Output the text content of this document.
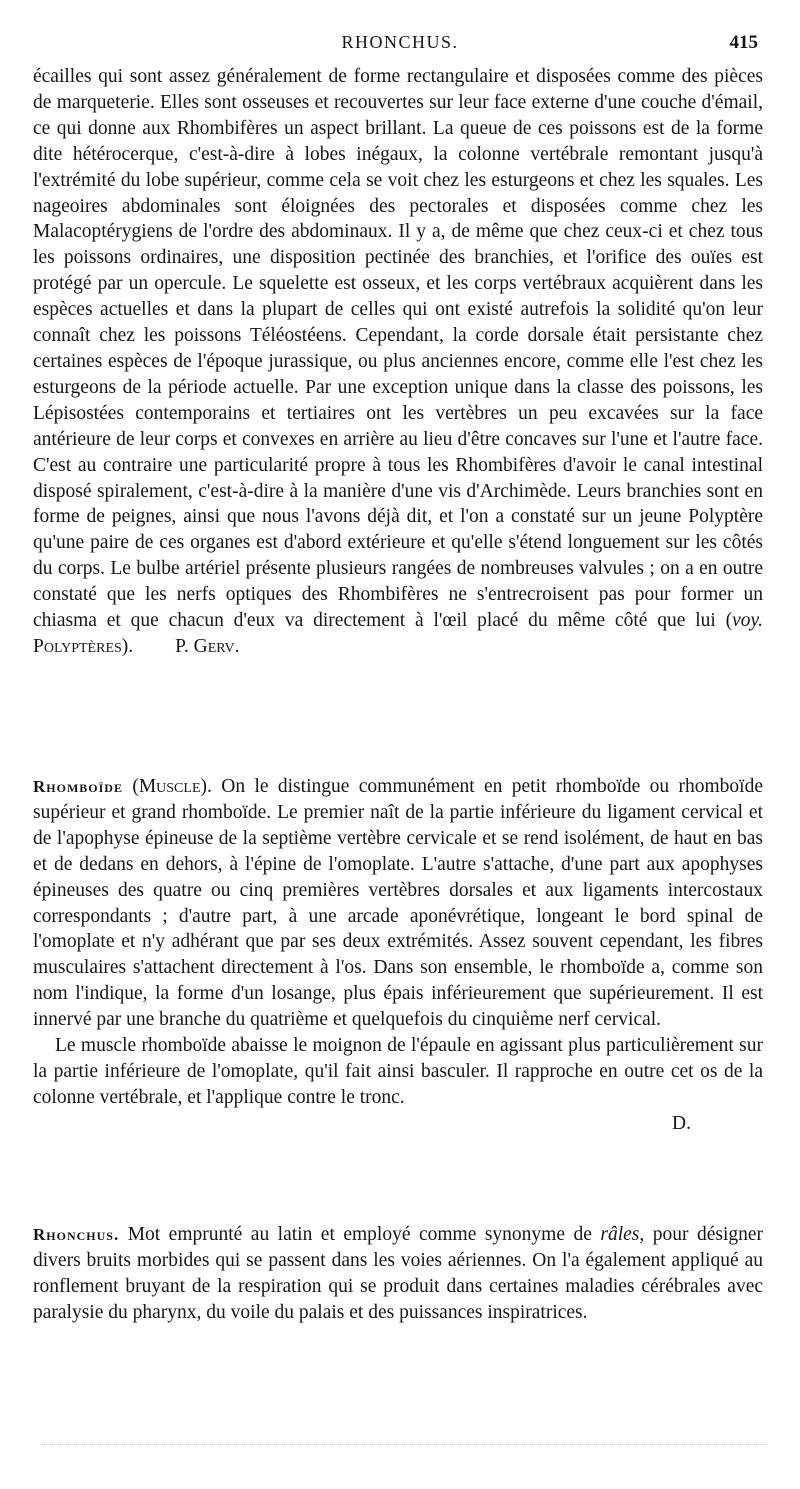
RHONCHUS.	415

écailles qui sont assez généralement de forme rectangulaire et disposées comme des pièces de marqueterie. Elles sont osseuses et recouvertes sur leur face externe d'une couche d'émail, ce qui donne aux Rhombifères un aspect brillant. La queue de ces poissons est de la forme dite hétérocerque, c'est-à-dire à lobes inégaux, la colonne vertébrale remontant jusqu'à l'extrémité du lobe supérieur, comme cela se voit chez les esturgeons et chez les squales. Les nageoires abdominales sont éloignées des pectorales et disposées comme chez les Malacoptérygiens de l'ordre des abdominaux. Il y a, de même que chez ceux-ci et chez tous les poissons ordinaires, une disposition pectinée des branchies, et l'orifice des ouïes est protégé par un opercule. Le squelette est osseux, et les corps vertébraux acquièrent dans les espèces actuelles et dans la plupart de celles qui ont existé autrefois la solidité qu'on leur connaît chez les poissons Téléostéens. Cependant, la corde dorsale était persistante chez certaines espèces de l'époque jurassique, ou plus anciennes encore, comme elle l'est chez les esturgeons de la période actuelle. Par une exception unique dans la classe des poissons, les Lépisostées contemporains et tertiaires ont les vertèbres un peu excavées sur la face antérieure de leur corps et convexes en arrière au lieu d'être concaves sur l'une et l'autre face. C'est au contraire une particularité propre à tous les Rhombifères d'avoir le canal intestinal disposé spiralement, c'est-à-dire à la manière d'une vis d'Archimède. Leurs branchies sont en forme de peignes, ainsi que nous l'avons déjà dit, et l'on a constaté sur un jeune Polyptère qu'une paire de ces organes est d'abord extérieure et qu'elle s'étend longuement sur les côtés du corps. Le bulbe artériel présente plusieurs rangées de nombreuses valvules ; on a en outre constaté que les nerfs optiques des Rhombifères ne s'entrecroisent pas pour former un chiasma et que chacun d'eux va directement à l'œil placé du même côté que lui (voy. Polyptères). P. Gerv.

Rhomboïde (Muscle). On le distingue communément en petit rhomboïde ou rhomboïde supérieur et grand rhomboïde. Le premier naît de la partie inférieure du ligament cervical et de l'apophyse épineuse de la septième vertèbre cervicale et se rend isolément, de haut en bas et de dedans en dehors, à l'épine de l'omoplate. L'autre s'attache, d'une part aux apophyses épineuses des quatre ou cinq premières vertèbres dorsales et aux ligaments intercostaux correspondants ; d'autre part, à une arcade aponévrétique, longeant le bord spinal de l'omoplate et n'y adhérant que par ses deux extrémités. Assez souvent cependant, les fibres musculaires s'attachent directement à l'os. Dans son ensemble, le rhomboïde a, comme son nom l'indique, la forme d'un losange, plus épais inférieurement que supérieurement. Il est innervé par une branche du quatrième et quelquefois du cinquième nerf cervical.

Le muscle rhomboïde abaisse le moignon de l'épaule en agissant plus particulièrement sur la partie inférieure de l'omoplate, qu'il fait ainsi basculer. Il rapproche en outre cet os de la colonne vertébrale, et l'applique contre le tronc.

D.

Rhonchus. Mot emprunté au latin et employé comme synonyme de râles, pour désigner divers bruits morbides qui se passent dans les voies aériennes. On l'a également appliqué au ronflement bruyant de la respiration qui se produit dans certaines maladies cérébrales avec paralysie du pharynx, du voile du palais et des puissances inspiratrices.
